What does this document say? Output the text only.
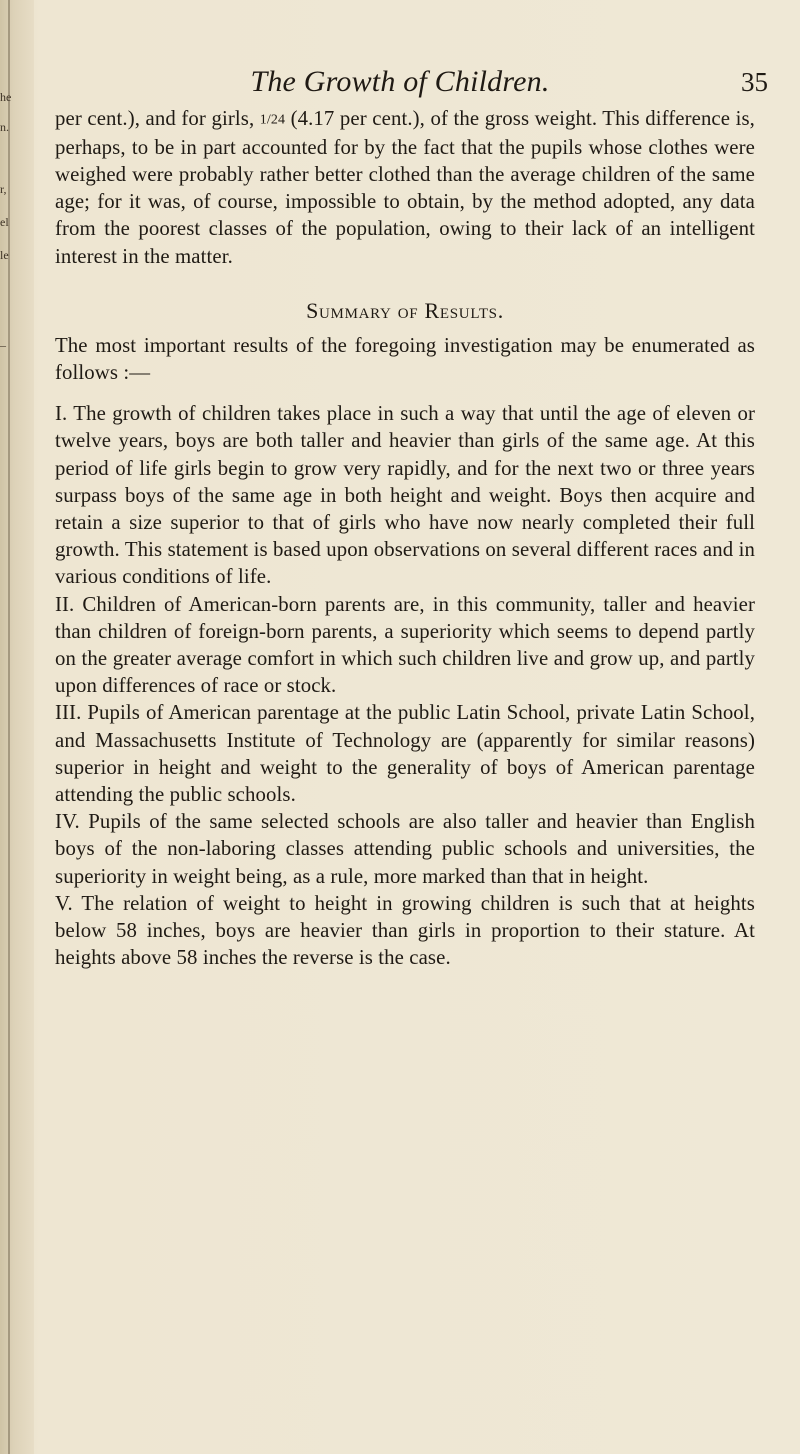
he
n.
r,
el
le
–
The Growth of Children.	35

per cent.), and for girls, 1/24 (4.17 per cent.), of the gross weight. This difference is, perhaps, to be in part accounted for by the fact that the pupils whose clothes were weighed were probably rather better clothed than the average children of the same age; for it was, of course, impossible to obtain, by the method adopted, any data from the poorest classes of the population, owing to their lack of an intelligent interest in the matter.

Summary of Results.

The most important results of the foregoing investigation may be enumerated as follows :—

I. The growth of children takes place in such a way that until the age of eleven or twelve years, boys are both taller and heavier than girls of the same age. At this period of life girls begin to grow very rapidly, and for the next two or three years surpass boys of the same age in both height and weight. Boys then acquire and retain a size superior to that of girls who have now nearly completed their full growth. This statement is based upon observations on several different races and in various conditions of life.

II. Children of American-born parents are, in this community, taller and heavier than children of foreign-born parents, a superiority which seems to depend partly on the greater average comfort in which such children live and grow up, and partly upon differences of race or stock.

III. Pupils of American parentage at the public Latin School, private Latin School, and Massachusetts Institute of Technology are (apparently for similar reasons) superior in height and weight to the generality of boys of American parentage attending the public schools.

IV. Pupils of the same selected schools are also taller and heavier than English boys of the non-laboring classes attending public schools and universities, the superiority in weight being, as a rule, more marked than that in height.

V. The relation of weight to height in growing children is such that at heights below 58 inches, boys are heavier than girls in proportion to their stature. At heights above 58 inches the reverse is the case.
